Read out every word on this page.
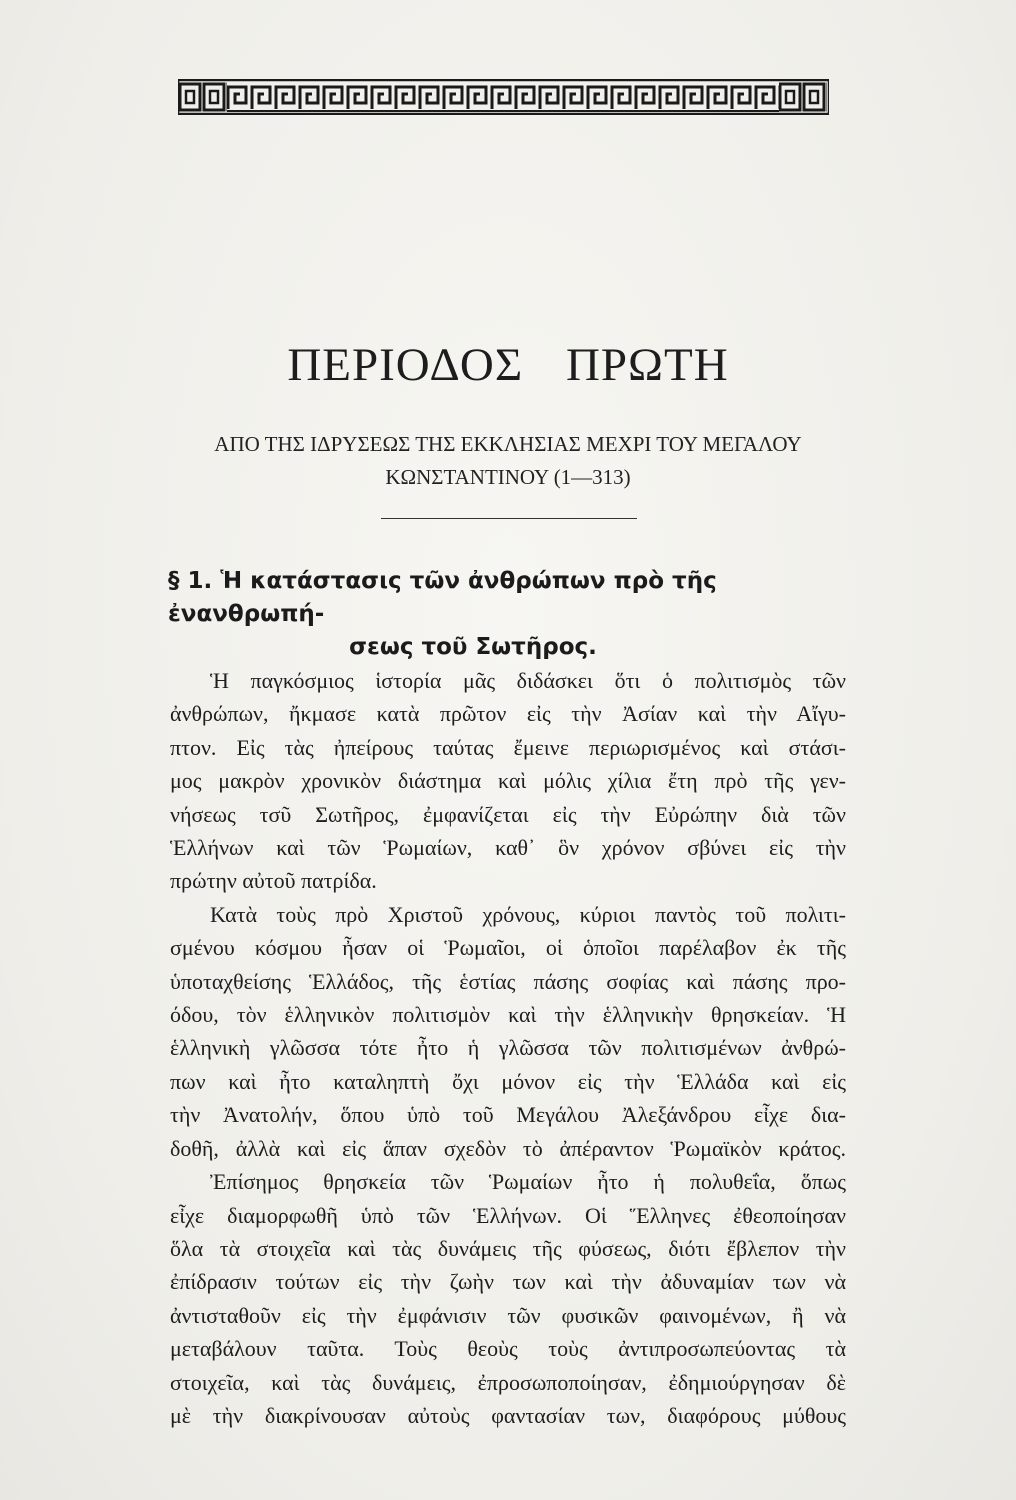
ΠΕΡΙΟΔΟΣ ΠΡΩΤΗ
ΑΠΟ ΤΗΣ ΙΔΡΥΣΕΩΣ ΤΗΣ ΕΚΚΛΗΣΙΑΣ ΜΕΧΡΙ ΤΟΥ ΜΕΓΑΛΟΥ
ΚΩΝΣΤΑΝΤΙΝΟΥ (1—313)
§ 1. Ἡ κατάστασις τῶν ἀνθρώπων πρὸ τῆς ἐνανθρωπή-
σεως τοῦ Σωτῆρος.
Ἡ παγκόσμιος ἱστορία μᾶς διδάσκει ὅτι ὁ πολιτισμὸς τῶν
ἀνθρώπων, ἤκμασε κατὰ πρῶτον εἰς τὴν Ἀσίαν καὶ τὴν Αἴγυ-
πτον. Εἰς τὰς ἠπείρους ταύτας ἔμεινε περιωρισμένος καὶ στάσι-
μος μακρὸν χρονικὸν διάστημα καὶ μόλις χίλια ἔτη πρὸ τῆς γεν-
νήσεως τσῦ Σωτῆρος, ἐμφανίζεται εἰς τὴν Εὐρώπην διὰ τῶν
Ἑλλήνων καὶ τῶν Ῥωμαίων, καθ᾽ ὃν χρόνον σβύνει εἰς τὴν
πρώτην αὐτοῦ πατρίδα.
Κατὰ τοὺς πρὸ Χριστοῦ χρόνους, κύριοι παντὸς τοῦ πολιτι-
σμένου κόσμου ἦσαν οἱ Ῥωμαῖοι, οἱ ὁποῖοι παρέλαβον ἐκ τῆς
ὑποταχθείσης Ἑλλάδος, τῆς ἑστίας πάσης σοφίας καὶ πάσης προ-
όδου, τὸν ἑλληνικὸν πολιτισμὸν καὶ τὴν ἑλληνικὴν θρησκείαν. Ἡ
ἑλληνικὴ γλῶσσα τότε ἦτο ἡ γλῶσσα τῶν πολιτισμένων ἀνθρώ-
πων καὶ ἦτο καταληπτὴ ὄχι μόνον εἰς τὴν Ἑλλάδα καὶ εἰς
τὴν Ἀνατολήν, ὅπου ὑπὸ τοῦ Μεγάλου Ἀλεξάνδρου εἶχε δια-
δοθῆ, ἀλλὰ καὶ εἰς ἅπαν σχεδὸν τὸ ἀπέραντον Ῥωμαϊκὸν κράτος.
Ἐπίσημος θρησκεία τῶν Ῥωμαίων ἦτο ἡ πολυθεΐα, ὅπως
εἶχε διαμορφωθῆ ὑπὸ τῶν Ἑλλήνων. Οἱ Ἕλληνες ἐθεοποίησαν
ὅλα τὰ στοιχεῖα καὶ τὰς δυνάμεις τῆς φύσεως, διότι ἔβλεπον τὴν
ἐπίδρασιν τούτων εἰς τὴν ζωὴν των καὶ τὴν ἀδυναμίαν των νὰ
ἀντισταθοῦν εἰς τὴν ἐμφάνισιν τῶν φυσικῶν φαινομένων, ἢ νὰ
μεταβάλουν ταῦτα. Τοὺς θεοὺς τοὺς ἀντιπροσωπεύοντας τὰ
στοιχεῖα, καὶ τὰς δυνάμεις, ἐπροσωποποίησαν, ἐδημιούργησαν δὲ
μὲ τὴν διακρίνουσαν αὐτοὺς φαντασίαν των, διαφόρους μύθους
